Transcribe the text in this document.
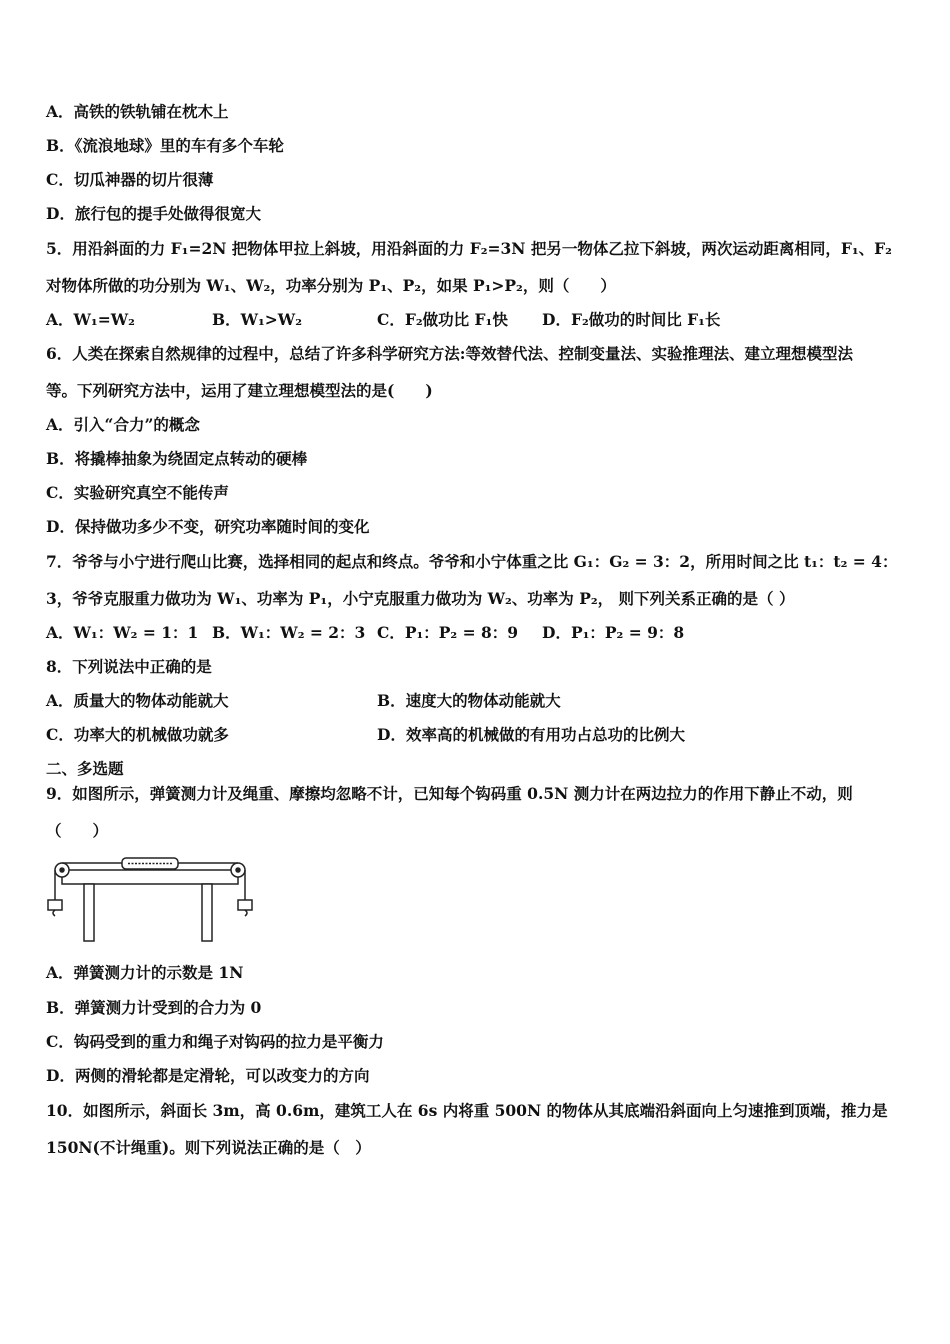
A．高铁的铁轨铺在枕木上
B．《流浪地球》里的车有多个车轮
C．切瓜神器的切片很薄
D．旅行包的提手处做得很宽大
5．用沿斜面的力 F₁=2N 把物体甲拉上斜坡，用沿斜面的力 F₂=3N 把另一物体乙拉下斜坡，两次运动距离相同，F₁、F₂
对物体所做的功分别为 W₁、W₂，功率分别为 P₁、P₂，如果 P₁>P₂，则（　　）
A．W₁=W₂	B．W₁>W₂	C．F₂做功比 F₁快 D．F₂做功的时间比 F₁长
6．人类在探索自然规律的过程中，总结了许多科学研究方法:等效替代法、控制变量法、实验推理法、建立理想模型法
等。下列研究方法中，运用了建立理想模型法的是(　　)
A．引入“合力”的概念
B．将撬棒抽象为绕固定点转动的硬棒
C．实验研究真空不能传声
D．保持做功多少不变，研究功率随时间的变化
7．爷爷与小宁进行爬山比赛，选择相同的起点和终点。爷爷和小宁体重之比 G₁：G₂ = 3：2，所用时间之比 t₁：t₂ = 4：
3，爷爷克服重力做功为 W₁、功率为 P₁，小宁克服重力做功为 W₂、功率为 P₂， 则下列关系正确的是（ ）
A．W₁：W₂ = 1：1 B．W₁：W₂ = 2：3 C．P₁：P₂ = 8：9 D．P₁：P₂ = 9：8
8．下列说法中正确的是
A．质量大的物体动能就大	B．速度大的物体动能就大
C．功率大的机械做功就多	D．效率高的机械做的有用功占总功的比例大
二、多选题
9．如图所示，弹簧测力计及绳重、摩擦均忽略不计，已知每个钩码重 0.5N 测力计在两边拉力的作用下静止不动，则
（　　）
A．弹簧测力计的示数是 1N
B．弹簧测力计受到的合力为 0
C．钩码受到的重力和绳子对钩码的拉力是平衡力
D．两侧的滑轮都是定滑轮，可以改变力的方向
10．如图所示，斜面长 3m，高 0.6m，建筑工人在 6s 内将重 500N 的物体从其底端沿斜面向上匀速推到顶端，推力是
150N(不计绳重)。则下列说法正确的是（　）
